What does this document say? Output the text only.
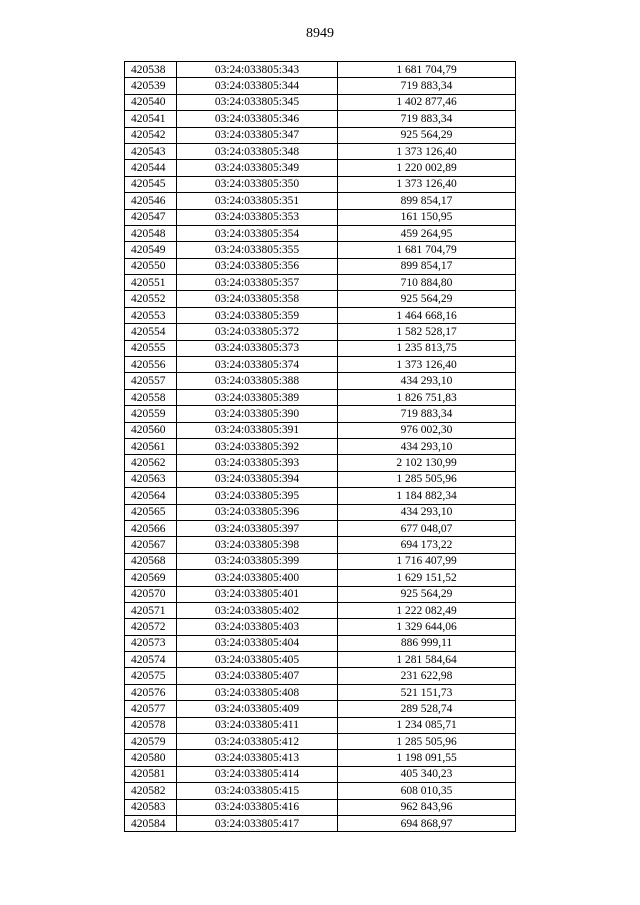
8949
420538	03:24:033805:343	1 681 704,79
420539	03:24:033805:344	719 883,34
420540	03:24:033805:345	1 402 877,46
420541	03:24:033805:346	719 883,34
420542	03:24:033805:347	925 564,29
420543	03:24:033805:348	1 373 126,40
420544	03:24:033805:349	1 220 002,89
420545	03:24:033805:350	1 373 126,40
420546	03:24:033805:351	899 854,17
420547	03:24:033805:353	161 150,95
420548	03:24:033805:354	459 264,95
420549	03:24:033805:355	1 681 704,79
420550	03:24:033805:356	899 854,17
420551	03:24:033805:357	710 884,80
420552	03:24:033805:358	925 564,29
420553	03:24:033805:359	1 464 668,16
420554	03:24:033805:372	1 582 528,17
420555	03:24:033805:373	1 235 813,75
420556	03:24:033805:374	1 373 126,40
420557	03:24:033805:388	434 293,10
420558	03:24:033805:389	1 826 751,83
420559	03:24:033805:390	719 883,34
420560	03:24:033805:391	976 002,30
420561	03:24:033805:392	434 293,10
420562	03:24:033805:393	2 102 130,99
420563	03:24:033805:394	1 285 505,96
420564	03:24:033805:395	1 184 882,34
420565	03:24:033805:396	434 293,10
420566	03:24:033805:397	677 048,07
420567	03:24:033805:398	694 173,22
420568	03:24:033805:399	1 716 407,99
420569	03:24:033805:400	1 629 151,52
420570	03:24:033805:401	925 564,29
420571	03:24:033805:402	1 222 082,49
420572	03:24:033805:403	1 329 644,06
420573	03:24:033805:404	886 999,11
420574	03:24:033805:405	1 281 584,64
420575	03:24:033805:407	231 622,98
420576	03:24:033805:408	521 151,73
420577	03:24:033805:409	289 528,74
420578	03:24:033805:411	1 234 085,71
420579	03:24:033805:412	1 285 505,96
420580	03:24:033805:413	1 198 091,55
420581	03:24:033805:414	405 340,23
420582	03:24:033805:415	608 010,35
420583	03:24:033805:416	962 843,96
420584	03:24:033805:417	694 868,97
